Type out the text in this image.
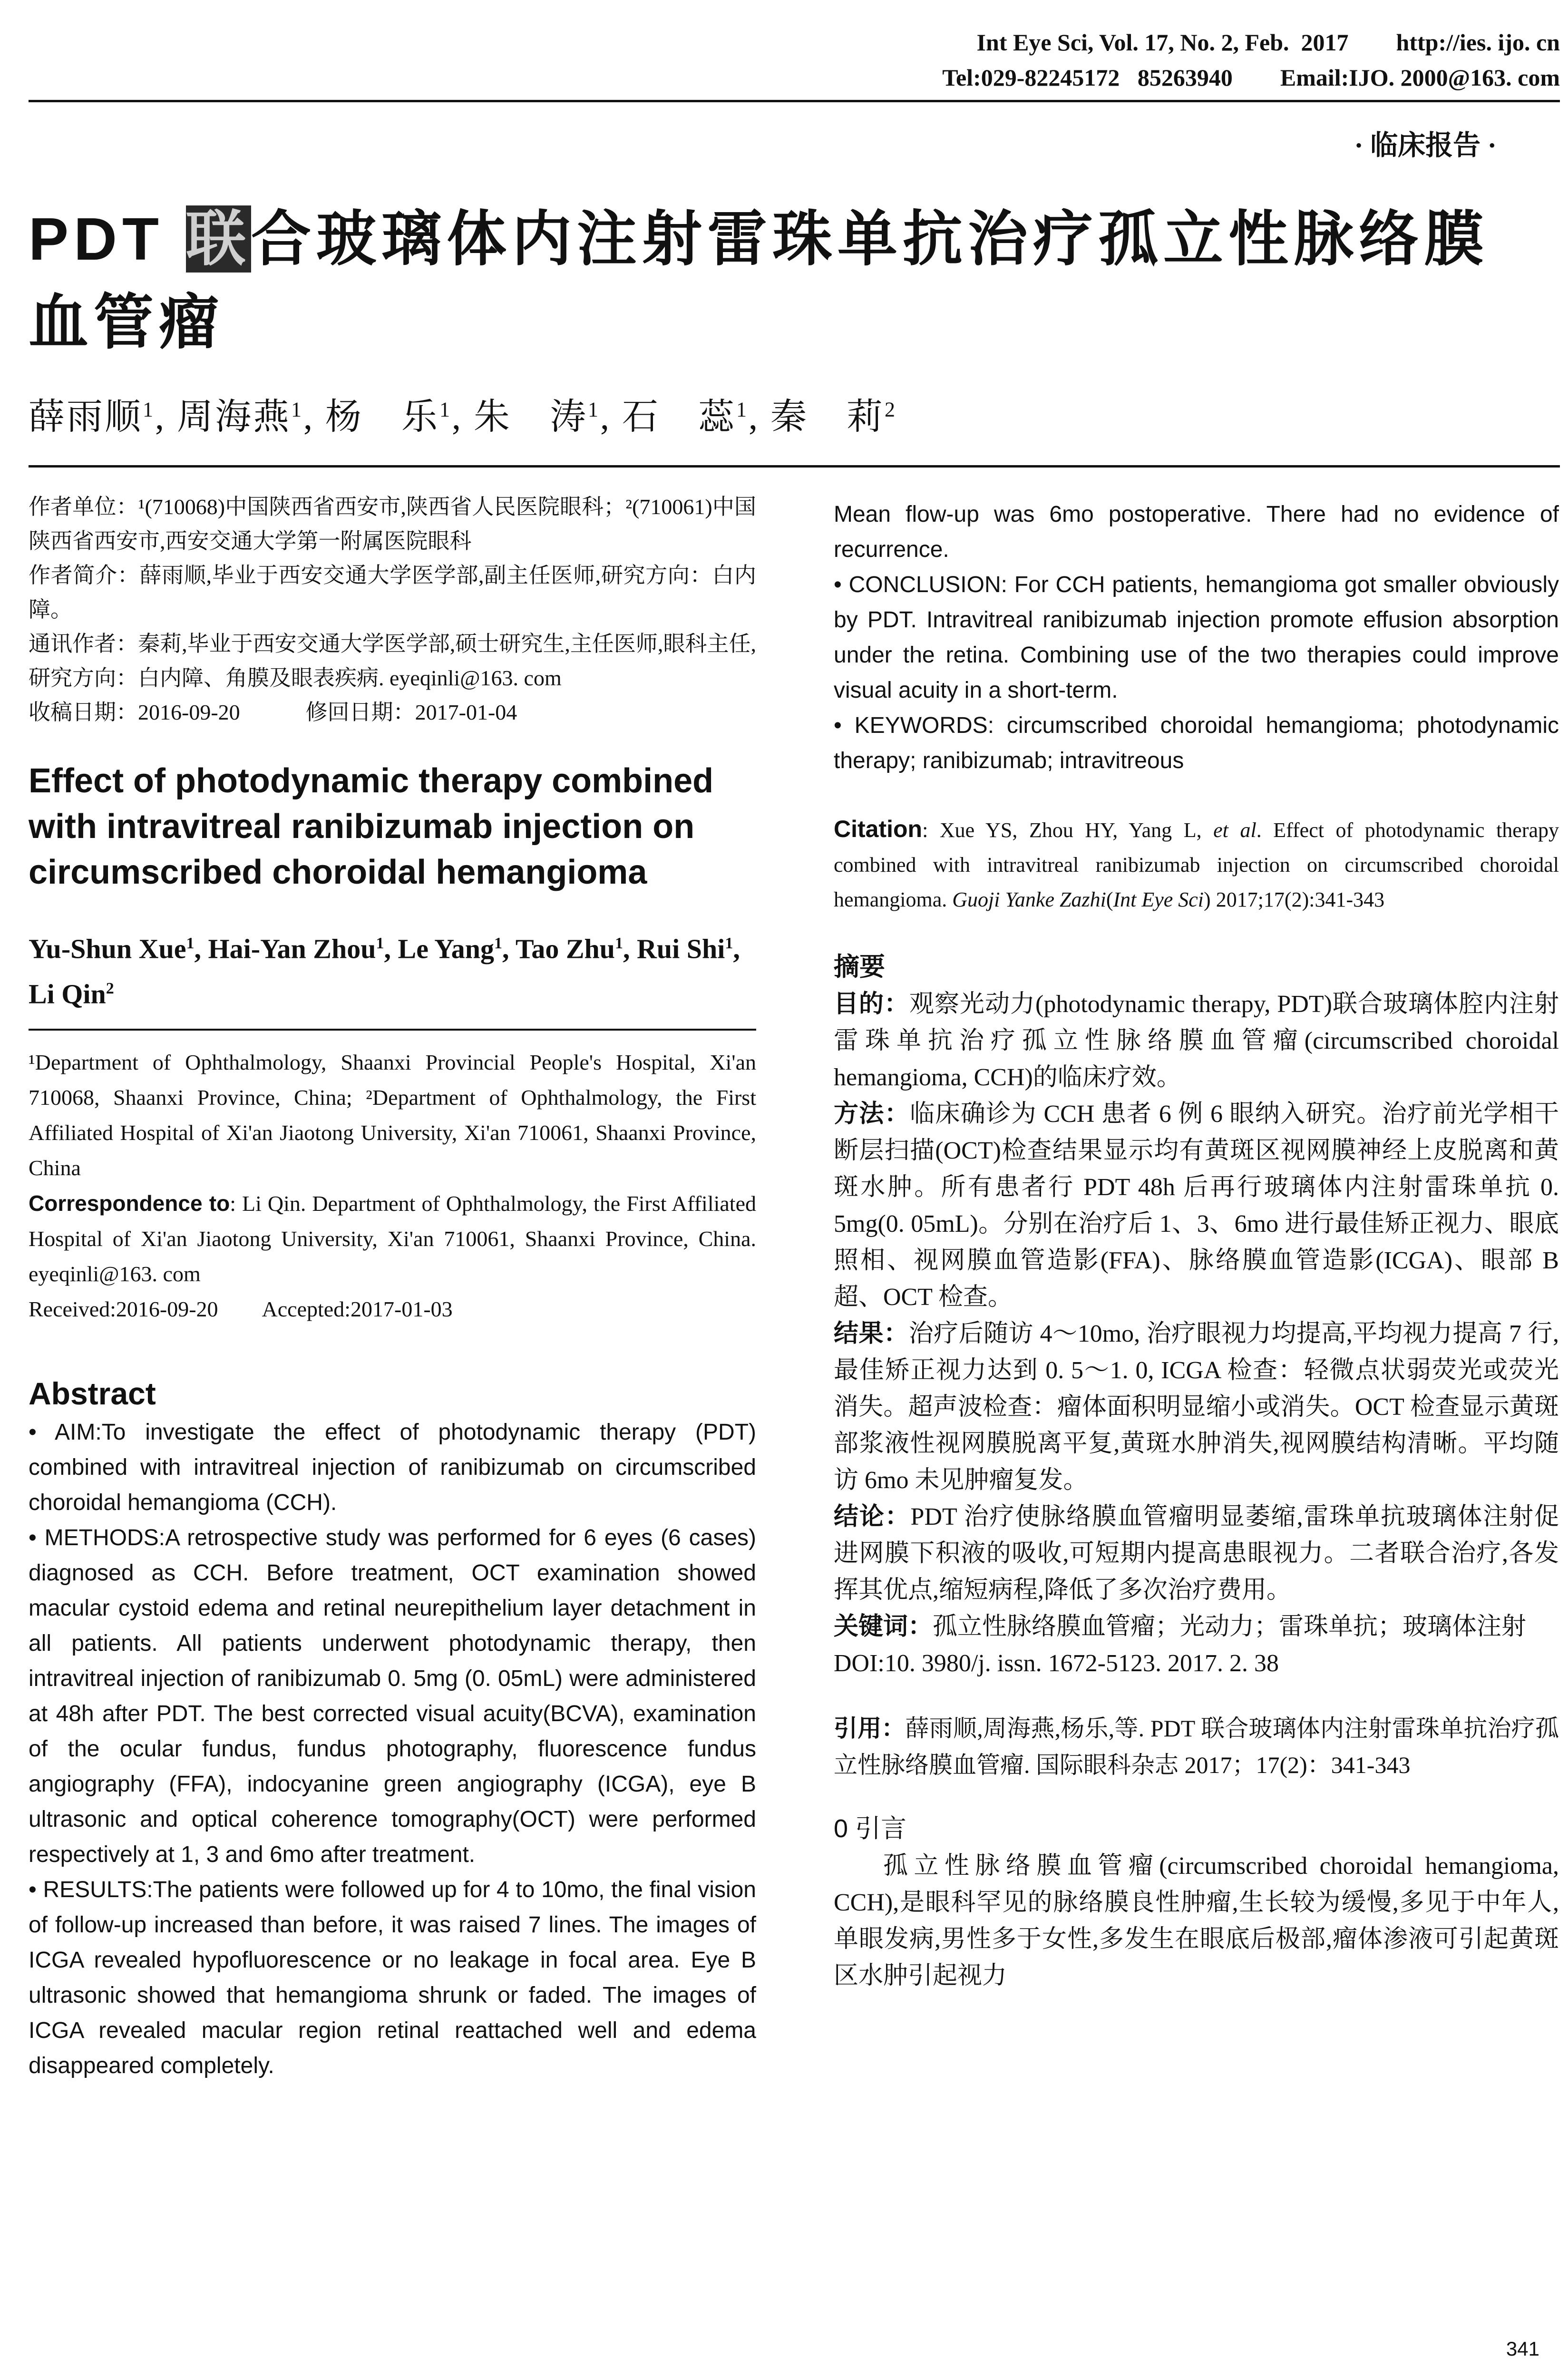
Int Eye Sci, Vol. 17, No. 2, Feb.  2017        http://ies. ijo. cn
Tel:029-82245172   85263940        Email:IJO. 2000@163. com
· 临床报告 ·
PDT 联合玻璃体内注射雷珠单抗治疗孤立性脉络膜血管瘤
薛雨顺$^1$, 周海燕$^1$, 杨　乐$^1$, 朱　涛$^1$, 石　蕊$^1$, 秦　莉$^2$

作者单位：¹(710068)中国陕西省西安市,陕西省人民医院眼科；²(710061)中国陕西省西安市,西安交通大学第一附属医院眼科

作者简介：薛雨顺,毕业于西安交通大学医学部,副主任医师,研究方向：白内障。

通讯作者：秦莉,毕业于西安交通大学医学部,硕士研究生,主任医师,眼科主任,研究方向：白内障、角膜及眼表疾病. eyeqinli@163. com

收稿日期：2016-09-20　　　修回日期：2017-01-04

Effect of photodynamic therapy combined with intravitreal ranibizumab injection on circumscribed choroidal hemangioma
Yu-Shun Xue$^1$, Hai-Yan Zhou$^1$, Le Yang$^1$, Tao Zhu$^1$, Rui Shi$^1$, Li Qin$^2$

¹Department of Ophthalmology, Shaanxi Provincial People's Hospital, Xi'an 710068, Shaanxi Province, China; ²Department of Ophthalmology, the First Affiliated Hospital of Xi'an Jiaotong University, Xi'an 710061, Shaanxi Province, China

Correspondence to: Li Qin. Department of Ophthalmology, the First Affiliated Hospital of Xi'an Jiaotong University, Xi'an 710061, Shaanxi Province, China. eyeqinli@163. com

Received:2016-09-20　　Accepted:2017-01-03

Abstract

• AIM:To investigate the effect of photodynamic therapy (PDT) combined with intravitreal injection of ranibizumab on circumscribed choroidal hemangioma (CCH).

• METHODS:A retrospective study was performed for 6 eyes (6 cases) diagnosed as CCH. Before treatment, OCT examination showed macular cystoid edema and retinal neurepithelium layer detachment in all patients. All patients underwent photodynamic therapy, then intravitreal injection of ranibizumab 0. 5mg (0. 05mL) were administered at 48h after PDT. The best corrected visual acuity(BCVA), examination of the ocular fundus, fundus photography, fluorescence fundus angiography (FFA), indocyanine green angiography (ICGA), eye B ultrasonic and optical coherence tomography(OCT) were performed respectively at 1, 3 and 6mo after treatment.

• RESULTS:The patients were followed up for 4 to 10mo, the final vision of follow-up increased than before, it was raised 7 lines. The images of ICGA revealed hypofluorescence or no leakage in focal area. Eye B ultrasonic showed that hemangioma shrunk or faded. The images of ICGA revealed macular region retinal reattached well and edema disappeared completely.

Mean flow-up was 6mo postoperative. There had no evidence of recurrence.

• CONCLUSION: For CCH patients, hemangioma got smaller obviously by PDT. Intravitreal ranibizumab injection promote effusion absorption under the retina. Combining use of the two therapies could improve visual acuity in a short-term.

• KEYWORDS: circumscribed choroidal hemangioma; photodynamic therapy; ranibizumab; intravitreous

Citation: Xue YS, Zhou HY, Yang L, et al. Effect of photodynamic therapy combined with intravitreal ranibizumab injection on circumscribed choroidal hemangioma. Guoji Yanke Zazhi(Int Eye Sci) 2017;17(2):341-343
摘要

目的：观察光动力(photodynamic therapy, PDT)联合玻璃体腔内注射雷珠单抗治疗孤立性脉络膜血管瘤(circumscribed choroidal hemangioma, CCH)的临床疗效。

方法：临床确诊为 CCH 患者 6 例 6 眼纳入研究。治疗前光学相干断层扫描(OCT)检查结果显示均有黄斑区视网膜神经上皮脱离和黄斑水肿。所有患者行 PDT 48h 后再行玻璃体内注射雷珠单抗 0. 5mg(0. 05mL)。分别在治疗后 1、3、6mo 进行最佳矫正视力、眼底照相、视网膜血管造影(FFA)、脉络膜血管造影(ICGA)、眼部 B 超、OCT 检查。

结果：治疗后随访 4～10mo, 治疗眼视力均提高,平均视力提高 7 行,最佳矫正视力达到 0. 5～1. 0, ICGA 检查：轻微点状弱荧光或荧光消失。超声波检查：瘤体面积明显缩小或消失。OCT 检查显示黄斑部浆液性视网膜脱离平复,黄斑水肿消失,视网膜结构清晰。平均随访 6mo 未见肿瘤复发。

结论：PDT 治疗使脉络膜血管瘤明显萎缩,雷珠单抗玻璃体注射促进网膜下积液的吸收,可短期内提高患眼视力。二者联合治疗,各发挥其优点,缩短病程,降低了多次治疗费用。

关键词：孤立性脉络膜血管瘤；光动力；雷珠单抗；玻璃体注射

DOI:10. 3980/j. issn. 1672-5123. 2017. 2. 38

引用：薛雨顺,周海燕,杨乐,等. PDT 联合玻璃体内注射雷珠单抗治疗孤立性脉络膜血管瘤. 国际眼科杂志 2017；17(2)：341-343
0 引言
孤立性脉络膜血管瘤(circumscribed choroidal hemangioma, CCH),是眼科罕见的脉络膜良性肿瘤,生长较为缓慢,多见于中年人,单眼发病,男性多于女性,多发生在眼底后极部,瘤体渗液可引起黄斑区水肿引起视力
341
